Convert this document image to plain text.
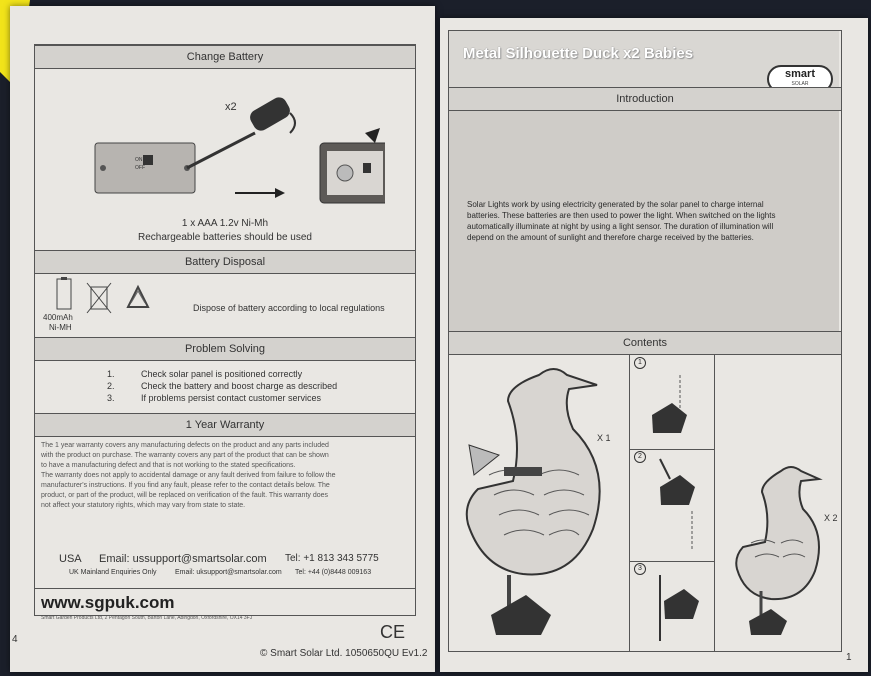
Change Battery
x2
ON
OFF
1 x AAA 1.2v Ni-Mh
Rechargeable batteries should be used
Battery Disposal
400mAh
Ni-MH
Dispose of battery according to local regulations
Problem Solving
1.	Check solar panel is positioned correctly
2.	Check the battery and boost charge as described
3.	If problems persist contact customer services
1 Year Warranty
The 1 year warranty covers any manufacturing defects on the product and any parts included
with the product on purchase. The warranty covers any part of the product that can be shown
to have a manufacturing defect and that is not working to the stated specifications.
The warranty does not apply to accidental damage or any fault derived from failure to follow the
manufacturer's instructions. If you find any fault, please refer to the contact details below. The
product, or part of the product, will be replaced on verification of the fault. This warranty does
not affect your statutory rights, which may vary from state to state.
USA Email: ussupport@smartsolar.com Tel: +1 813 343 5775
UK Mainland Enquiries Only	Email: uksupport@smartsolar.com Tel: +44 (0)8448 009163
www.sgpuk.com
Smart Garden Products Ltd, 2 Pentagon South, Barton Lane, Abingdon, Oxfordshire, OX14 3FJ
4	CE
Metal Silhouette Duck x2 Babies
smart
SOLAR
Introduction
Solar Lights work by using electricity generated by the solar panel to charge internal
batteries. These batteries are then used to power the light. When switched on the lights
automatically illuminate at night by using a light sensor. The duration of illumination will
depend on the amount of sunlight and therefore charge received by the batteries.
Contents
X 1
1
2
3
X 2
© Smart Solar Ltd. 1050650QU Ev1.2	1
